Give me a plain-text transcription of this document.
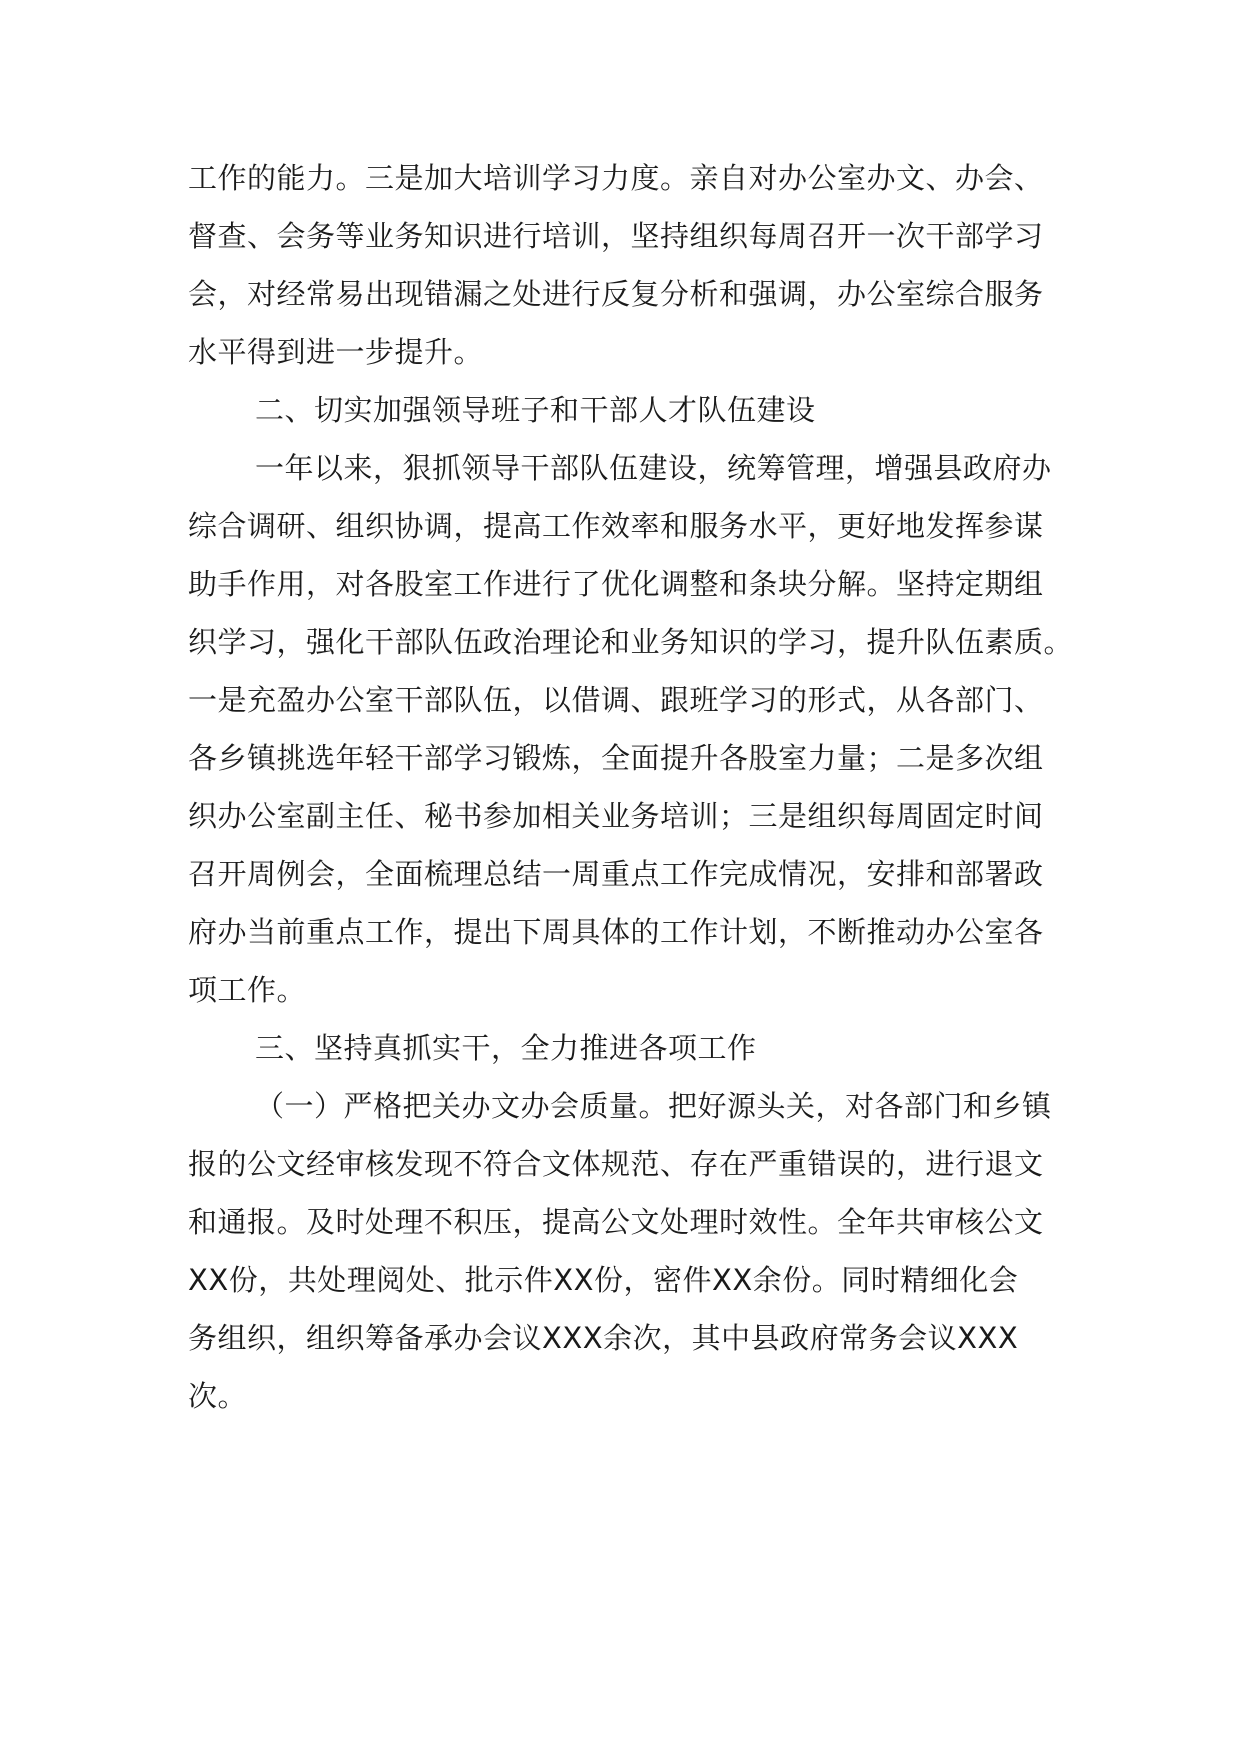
工作的能力。三是加大培训学习力度。亲自对办公室办文、办会、
督查、会务等业务知识进行培训，坚持组织每周召开一次干部学习
会，对经常易出现错漏之处进行反复分析和强调，办公室综合服务
水平得到进一步提升。
二、切实加强领导班子和干部人才队伍建设
一年以来，狠抓领导干部队伍建设，统筹管理，增强县政府办
综合调研、组织协调，提高工作效率和服务水平，更好地发挥参谋
助手作用，对各股室工作进行了优化调整和条块分解。坚持定期组
织学习，强化干部队伍政治理论和业务知识的学习，提升队伍素质。
一是充盈办公室干部队伍，以借调、跟班学习的形式，从各部门、
各乡镇挑选年轻干部学习锻炼，全面提升各股室力量；二是多次组
织办公室副主任、秘书参加相关业务培训；三是组织每周固定时间
召开周例会，全面梳理总结一周重点工作完成情况，安排和部署政
府办当前重点工作，提出下周具体的工作计划，不断推动办公室各
项工作。
三、坚持真抓实干，全力推进各项工作
（一）严格把关办文办会质量。把好源头关，对各部门和乡镇
报的公文经审核发现不符合文体规范、存在严重错误的，进行退文
和通报。及时处理不积压，提高公文处理时效性。全年共审核公文
XX份，共处理阅处、批示件XX份，密件XX余份。同时精细化会
务组织，组织筹备承办会议XXX余次，其中县政府常务会议XXX
次。
